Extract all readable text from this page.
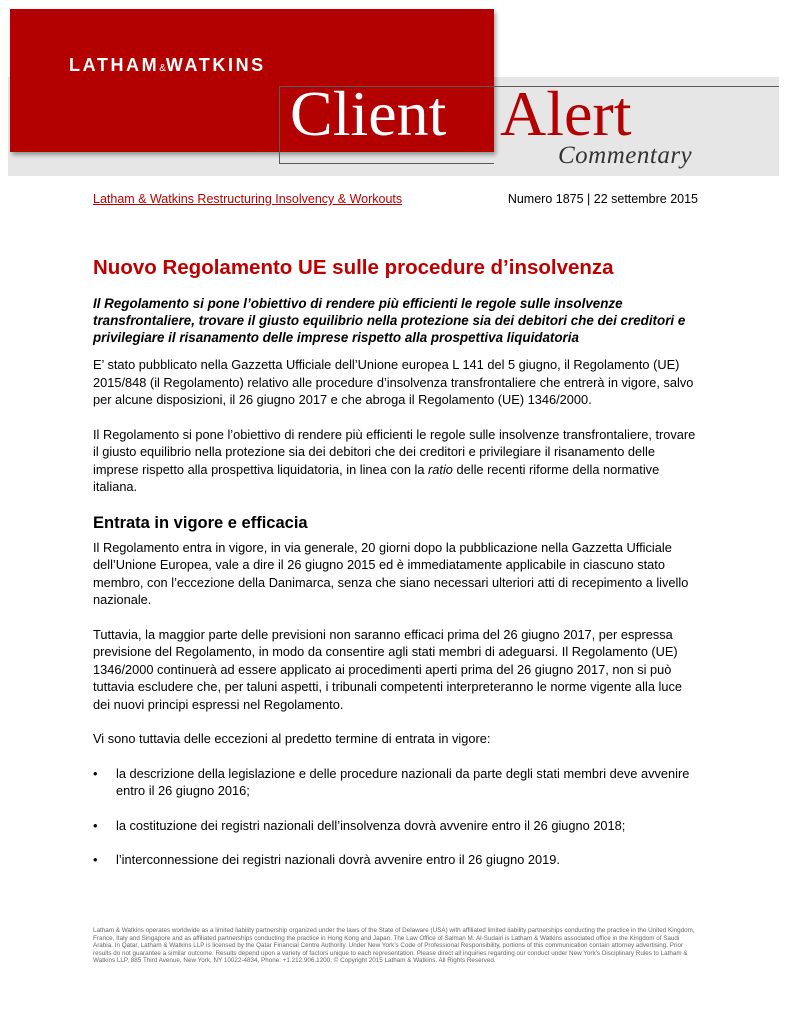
LATHAM&WATKINS
Client Alert
Commentary
Latham & Watkins Restructuring Insolvency & Workouts	Numero 1875 | 22 settembre 2015
Nuovo Regolamento UE sulle procedure d’insolvenza

Il Regolamento si pone l’obiettivo di rendere più efficienti le regole sulle insolvenze transfrontaliere, trovare il giusto equilibrio nella protezione sia dei debitori che dei creditori e privilegiare il risanamento delle imprese rispetto alla prospettiva liquidatoria

E’ stato pubblicato nella Gazzetta Ufficiale dell’Unione europea L 141 del 5 giugno, il Regolamento (UE) 2015/848 (il Regolamento) relativo alle procedure d’insolvenza transfrontaliere che entrerà in vigore, salvo per alcune disposizioni, il 26 giugno 2017 e che abroga il Regolamento (UE) 1346/2000.

Il Regolamento si pone l’obiettivo di rendere più efficienti le regole sulle insolvenze transfrontaliere, trovare il giusto equilibrio nella protezione sia dei debitori che dei creditori e privilegiare il risanamento delle imprese rispetto alla prospettiva liquidatoria, in linea con la ratio delle recenti riforme della normative italiana.

Entrata in vigore e efficacia

Il Regolamento entra in vigore, in via generale, 20 giorni dopo la pubblicazione nella Gazzetta Ufficiale dell’Unione Europea, vale a dire il 26 giugno 2015 ed è immediatamente applicabile in ciascuno stato membro, con l’eccezione della Danimarca, senza che siano necessari ulteriori atti di recepimento a livello nazionale.

Tuttavia, la maggior parte delle previsioni non saranno efficaci prima del 26 giugno 2017, per espressa previsione del Regolamento, in modo da consentire agli stati membri di adeguarsi. Il Regolamento (UE) 1346/2000 continuerà ad essere applicato ai procedimenti aperti prima del 26 giugno 2017, non si può tuttavia escludere che, per taluni aspetti, i tribunali competenti interpreteranno le norme vigente alla luce dei nuovi principi espressi nel Regolamento.

Vi sono tuttavia delle eccezioni al predetto termine di entrata in vigore:

• la descrizione della legislazione e delle procedure nazionali da parte degli stati membri deve avvenire entro il 26 giugno 2016;
• la costituzione dei registri nazionali dell’insolvenza dovrà avvenire entro il 26 giugno 2018;
• l’interconnessione dei registri nazionali dovrà avvenire entro il 26 giugno 2019.
Latham & Watkins operates worldwide as a limited liability partnership organized under the laws of the State of Delaware (USA) with affiliated limited liability partnerships conducting the practice in the United Kingdom, France, Italy and Singapore and as affiliated partnerships conducting the practice in Hong Kong and Japan. The Law Office of Salman M. Al-Sudairi is Latham & Watkins associated office in the Kingdom of Saudi Arabia. In Qatar, Latham & Watkins LLP is licensed by the Qatar Financial Centre Authority. Under New York’s Code of Professional Responsibility, portions of this communication contain attorney advertising. Prior results do not guarantee a similar outcome. Results depend upon a variety of factors unique to each representation. Please direct all inquiries regarding our conduct under New York’s Disciplinary Rules to Latham & Watkins LLP, 885 Third Avenue, New York, NY 10022-4834, Phone: +1.212.906.1200. © Copyright 2015 Latham & Watkins. All Rights Reserved.
